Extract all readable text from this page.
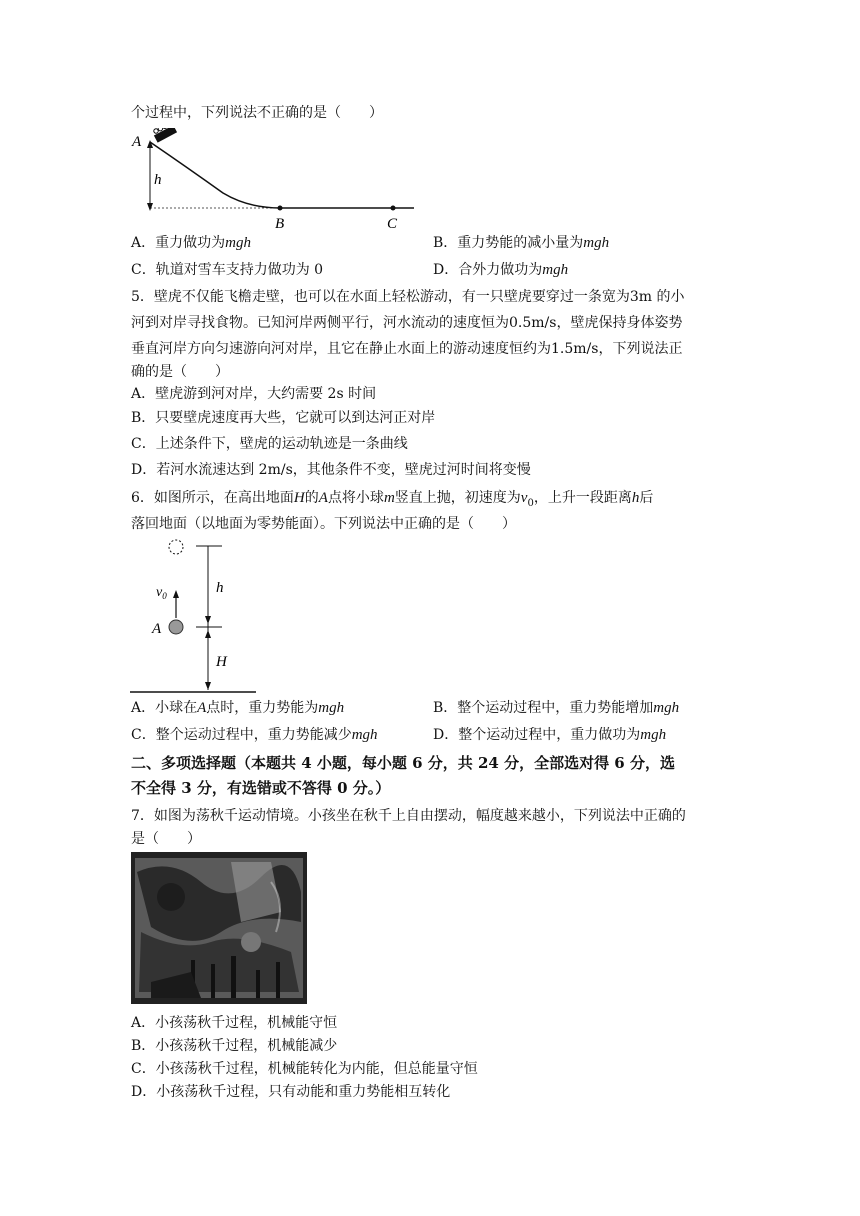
个过程中，下列说法不正确的是（　　）
A
h
B	C
A．重力做功为mgh	B．重力势能的减小量为mgh
C．轨道对雪车支持力做功为 0	D．合外力做功为mgh
5．壁虎不仅能飞檐走壁，也可以在水面上轻松游动，有一只壁虎要穿过一条宽为3m 的小
河到对岸寻找食物。已知河岸两侧平行，河水流动的速度恒为0.5m/s，壁虎保持身体姿势
垂直河岸方向匀速游向河对岸，且它在静止水面上的游动速度恒约为1.5m/s，下列说法正
确的是（　　）
A．壁虎游到河对岸，大约需要 2s 时间
B．只要壁虎速度再大些，它就可以到达河正对岸
C．上述条件下，壁虎的运动轨迹是一条曲线
D．若河水流速达到 2m/s，其他条件不变，壁虎过河时间将变慢
6．如图所示，在高出地面H的A点将小球m竖直上抛，初速度为$v_0$，上升一段距离h后
落回地面（以地面为零势能面）。下列说法中正确的是（　　）
$v_0$
A
h
H
A．小球在A点时，重力势能为mgh	B．整个运动过程中，重力势能增加mgh
C．整个运动过程中，重力势能减少mgh	D．整个运动过程中，重力做功为mgh
二、多项选择题（本题共 4 小题，每小题 6 分，共 24 分，全部选对得 6 分，选
不全得 3 分，有选错或不答得 0 分。）
7．如图为荡秋千运动情境。小孩坐在秋千上自由摆动，幅度越来越小，下列说法中正确的
是（　　）
A．小孩荡秋千过程，机械能守恒
B．小孩荡秋千过程，机械能减少
C．小孩荡秋千过程，机械能转化为内能，但总能量守恒
D．小孩荡秋千过程，只有动能和重力势能相互转化
